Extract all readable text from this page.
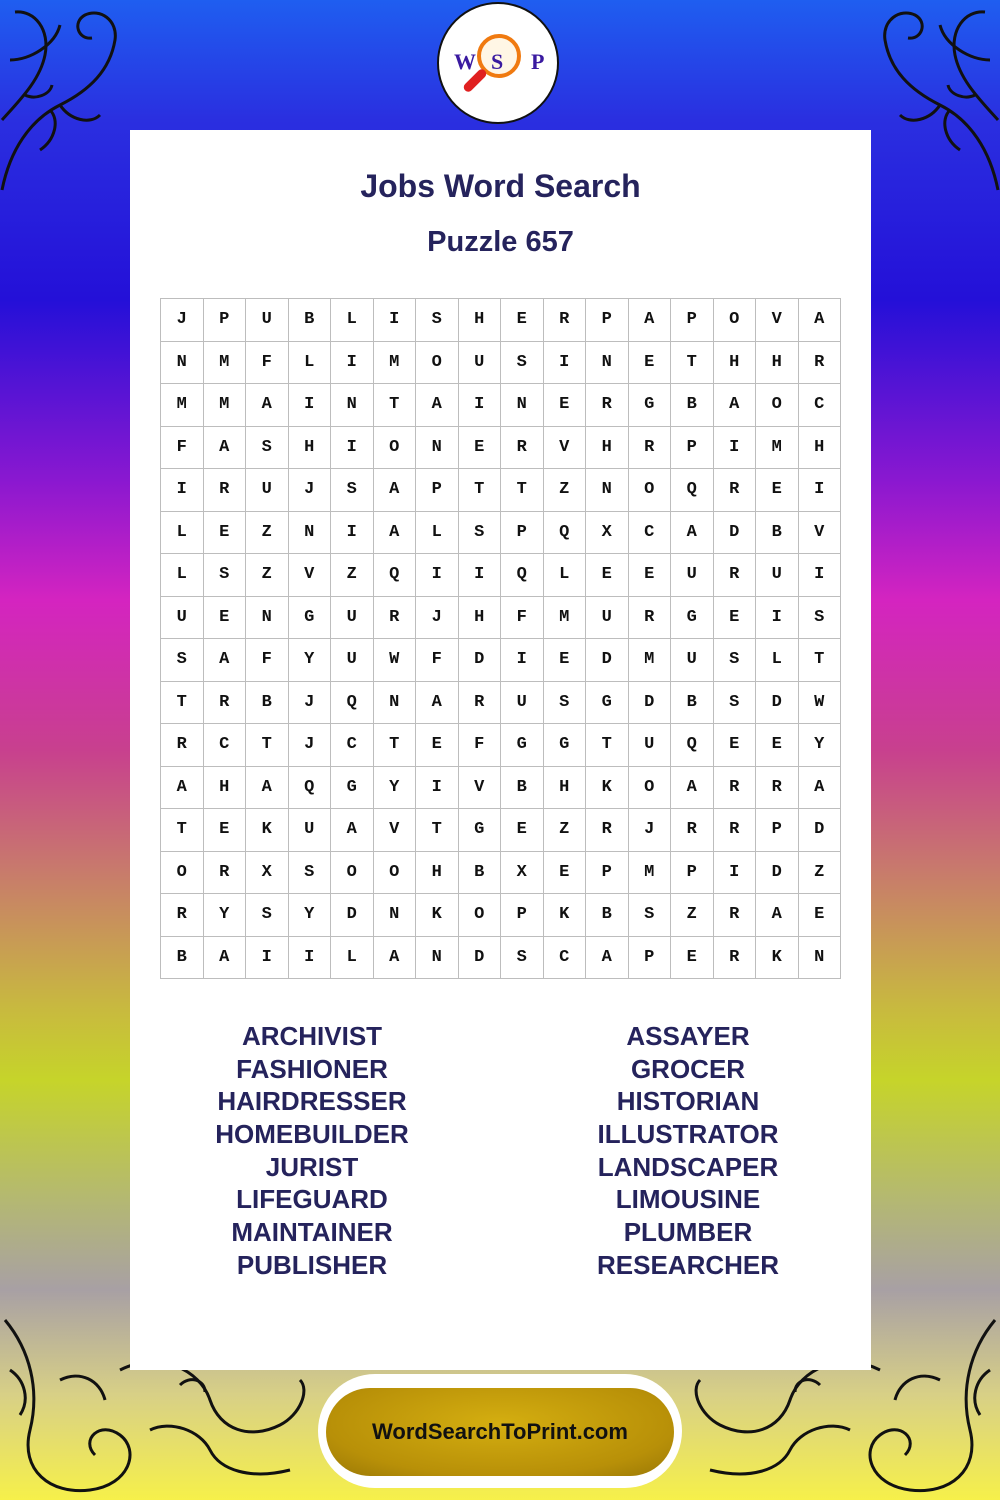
W S P
Jobs Word Search
Puzzle 657
J	P	U	B	L	I	S	H	E	R	P	A	P	O	V	A
N	M	F	L	I	M	O	U	S	I	N	E	T	H	H	R
M	M	A	I	N	T	A	I	N	E	R	G	B	A	O	C
F	A	S	H	I	O	N	E	R	V	H	R	P	I	M	H
I	R	U	J	S	A	P	T	T	Z	N	O	Q	R	E	I
L	E	Z	N	I	A	L	S	P	Q	X	C	A	D	B	V
L	S	Z	V	Z	Q	I	I	Q	L	E	E	U	R	U	I
U	E	N	G	U	R	J	H	F	M	U	R	G	E	I	S
S	A	F	Y	U	W	F	D	I	E	D	M	U	S	L	T
T	R	B	J	Q	N	A	R	U	S	G	D	B	S	D	W
R	C	T	J	C	T	E	F	G	G	T	U	Q	E	E	Y
A	H	A	Q	G	Y	I	V	B	H	K	O	A	R	R	A
T	E	K	U	A	V	T	G	E	Z	R	J	R	R	P	D
O	R	X	S	O	O	H	B	X	E	P	M	P	I	D	Z
R	Y	S	Y	D	N	K	O	P	K	B	S	Z	R	A	E
B	A	I	I	L	A	N	D	S	C	A	P	E	R	K	N
ARCHIVIST
FASHIONER
HAIRDRESSER
HOMEBUILDER
JURIST
LIFEGUARD
MAINTAINER
PUBLISHER
ASSAYER
GROCER
HISTORIAN
ILLUSTRATOR
LANDSCAPER
LIMOUSINE
PLUMBER
RESEARCHER
WordSearchToPrint.com
